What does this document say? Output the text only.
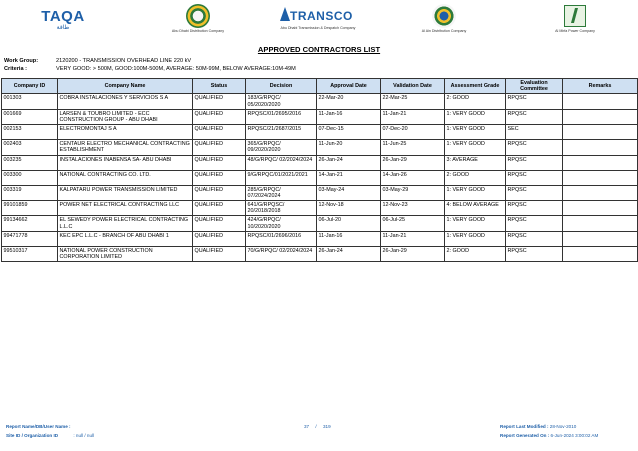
TAQA
طاقة	Abu Dhabi Distribution Company
TRANSCO
Abu Dhabi Transmission & Despatch Company
Al Ain Distribution Company	Al Mirfa Power Company
APPROVED CONTRACTORS LIST
Work Group:	2120200 - TRANSMISSION OVERHEAD LINE 220 kV
Criteria :	VERY GOOD: > 500M, GOOD:100M-500M, AVERAGE: 50M-99M, BELOW AVERAGE:10M-49M
Company ID	Company Name	Status	Decision	Approval Date	Validation Date	Assessment Grade	Evaluation Committee	Remarks
001303	COBRA INSTALACIONES Y SERVICIOS S A	QUALIFIED	183/G/RPQC/ 05/2020/2020	22-Mar-20	22-Mar-25	2: GOOD	RPQSC	
001669	LARSEN & TOUBRO LIMITED - ECC CONSTRUCTION GROUP - ABU DHABI	QUALIFIED	RPQSC/01/2695/2016	11-Jan-16	11-Jan-21	1: VERY GOOD	RPQSC	
002153	ELECTROMONTAJ S A	QUALIFIED	RPQSC/21/2687/2015	07-Dec-15	07-Dec-20	1: VERY GOOD	SEC	
002403	CENTAUR ELECTRO MECHANICAL CONTRACTING ESTABLISHMENT	QUALIFIED	365/G/RPQC/ 09/2020/2020	11-Jun-20	11-Jun-25	1: VERY GOOD	RPQSC	
003235	INSTALACIONES INABENSA SA- ABU DHABI	QUALIFIED	48/G/RPQC/ 02/2024/2024	26-Jan-24	26-Jan-29	3: AVERAGE	RPQSC	
003300	NATIONAL CONTRACTING CO. LTD.	QUALIFIED	9/G/RPQC/01/2021/2021	14-Jan-21	14-Jan-26	2: GOOD	RPQSC	
003319	KALPATARU POWER TRANSMISSION LIMITED	QUALIFIED	285/G/RPQC/ 07/2024/2024	03-May-24	03-May-29	1: VERY GOOD	RPQSC	
99101859	POWER NET ELECTRICAL CONTRACTING LLC	QUALIFIED	641/G/RPQSC/ 20/2018/2018	12-Nov-18	12-Nov-23	4: BELOW AVERAGE	RPQSC	
99134662	EL SEWEDY POWER ELECTRICAL CONTRACTING L.L.C	QUALIFIED	424/G/RPQC/ 10/2020/2020	06-Jul-20	06-Jul-25	1: VERY GOOD	RPQSC	
99471778	KEC EPC L.L.C - BRANCH OF ABU DHABI 1	QUALIFIED	RPQSC/01/2696/2016	11-Jan-16	11-Jan-21	1: VERY GOOD	RPQSC	
99510317	NATIONAL POWER CONSTRUCTION CORPORATION LIMITED	QUALIFIED	70/G/RPQC/ 02/2024/2024	26-Jan-24	26-Jan-29	2: GOOD	RPQSC	
Report Name/DB/User Name :
Site ID / Organization ID	: null / null
37 / 319	Report Last Modified : 28-Nov-2010
Report Generated On : 6-Jun-2024 3:00:02 AM
